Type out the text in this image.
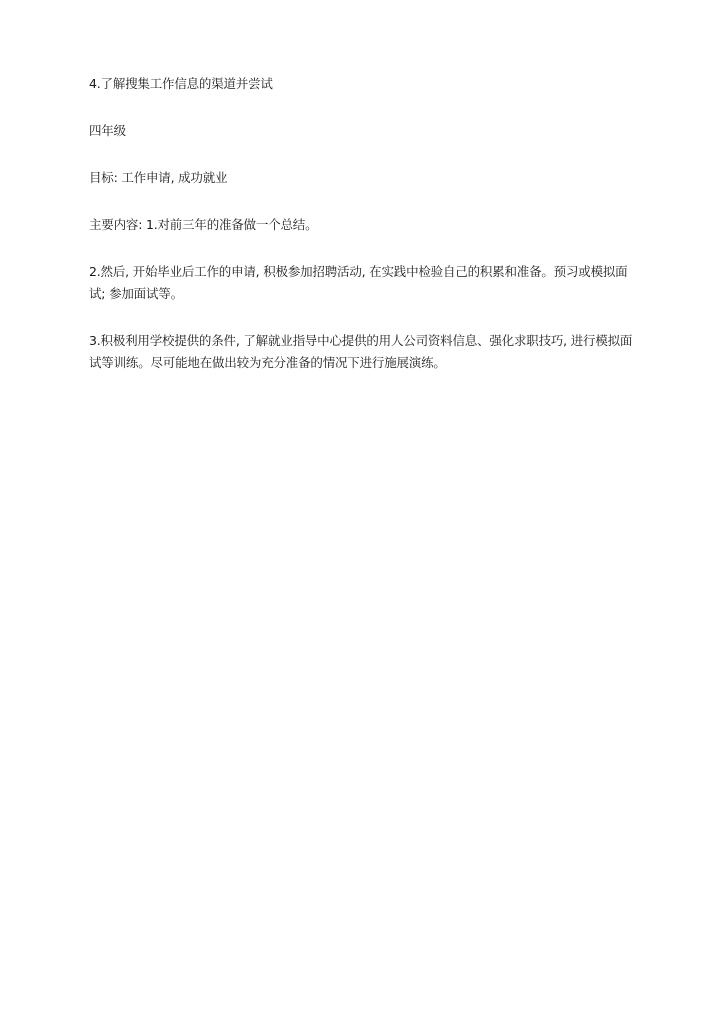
4.了解搜集工作信息的渠道并尝试

四年级

目标: 工作申请, 成功就业

主要内容: 1.对前三年的准备做一个总结。

2.然后, 开始毕业后工作的申请, 积极参加招聘活动, 在实践中检验自己的积累和准备。预习或模拟面试; 参加面试等。

3.积极利用学校提供的条件, 了解就业指导中心提供的用人公司资料信息、强化求职技巧, 进行模拟面试等训练。尽可能地在做出较为充分准备的情况下进行施展演练。
